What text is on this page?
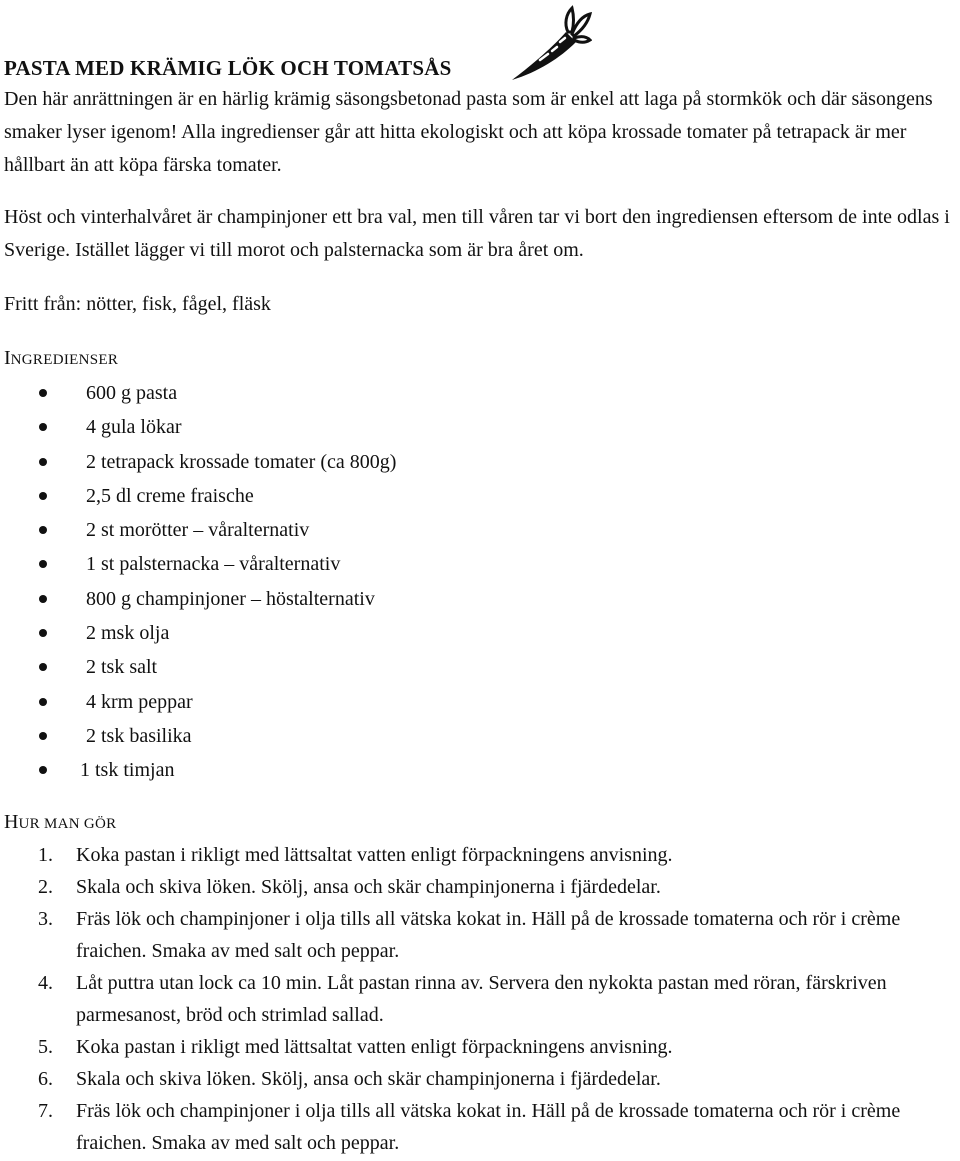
PASTA MED KRÄMIG LÖK OCH TOMATSÅS

Den här anrättningen är en härlig krämig säsongsbetonad pasta som är enkel att laga på stormkök och där säsongens smaker lyser igenom! Alla ingredienser går att hitta ekologiskt och att köpa krossade tomater på tetrapack är mer hållbart än att köpa färska tomater.

Höst och vinterhalvåret är champinjoner ett bra val, men till våren tar vi bort den ingrediensen eftersom de inte odlas i Sverige. Istället lägger vi till morot och palsternacka som är bra året om.

Fritt från: nötter, fisk, fågel, fläsk

INGREDIENSER
600 g pasta
4 gula lökar
2 tetrapack krossade tomater (ca 800g)
2,5 dl creme fraische
2 st morötter – våralternativ
1 st palsternacka – våralternativ
800 g champinjoner – höstalternativ
2 msk olja
2 tsk salt
4 krm peppar
2 tsk basilika
1 tsk timjan
HUR MAN GÖR
1. Koka pastan i rikligt med lättsaltat vatten enligt förpackningens anvisning.
2. Skala och skiva löken. Skölj, ansa och skär champinjonerna i fjärdedelar.
3. Fräs lök och champinjoner i olja tills all vätska kokat in. Häll på de krossade tomaterna och rör i crème fraichen. Smaka av med salt och peppar.
4. Låt puttra utan lock ca 10 min. Låt pastan rinna av. Servera den nykokta pastan med röran, färskriven parmesanost, bröd och strimlad sallad.
5. Koka pastan i rikligt med lättsaltat vatten enligt förpackningens anvisning.
6. Skala och skiva löken. Skölj, ansa och skär champinjonerna i fjärdedelar.
7. Fräs lök och champinjoner i olja tills all vätska kokat in. Häll på de krossade tomaterna och rör i crème fraichen. Smaka av med salt och peppar.
